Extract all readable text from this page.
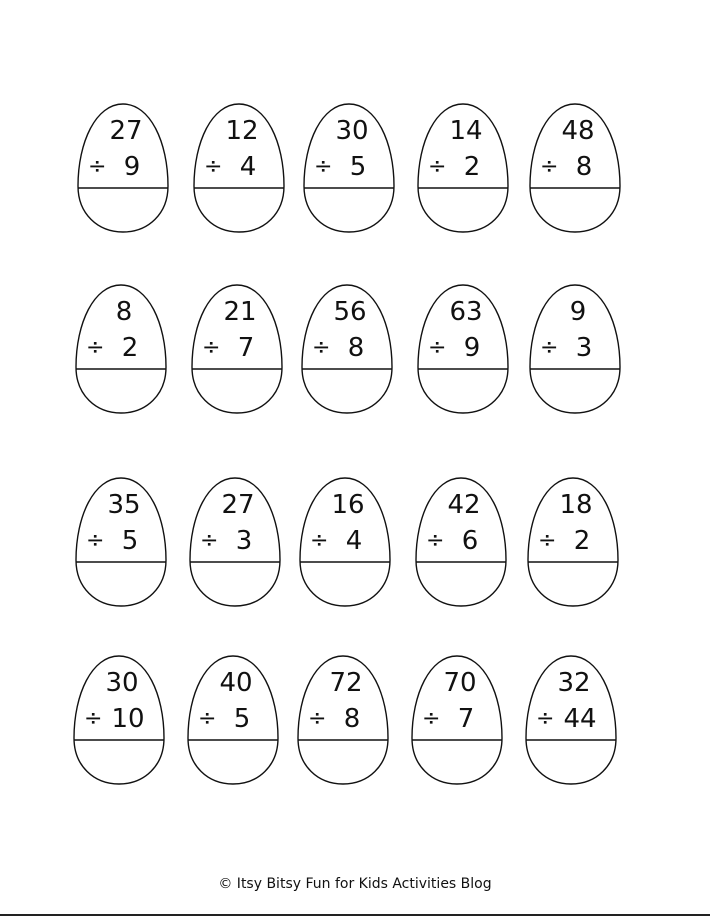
27
÷ 9
12
÷ 4
30
÷ 5
14
÷ 2
48
÷ 8
8
÷ 2
21
÷ 7
56
÷ 8
63
÷ 9
9
÷ 3
35
÷ 5
27
÷ 3
16
÷ 4
42
÷ 6
18
÷ 2
30
÷ 10
40
÷ 5
72
÷ 8
70
÷ 7
32
÷ 44
© Itsy Bitsy Fun for Kids Activities Blog
